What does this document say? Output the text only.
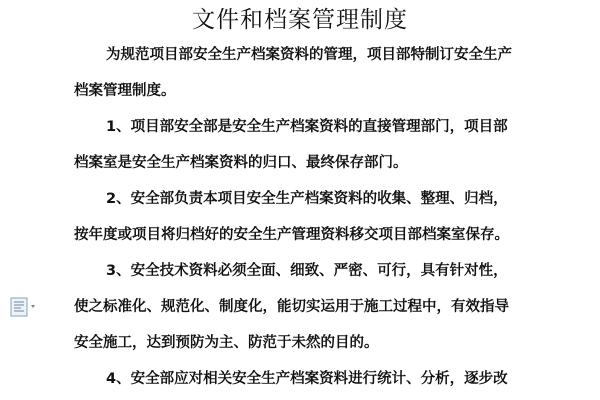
文件和档案管理制度
为规范项目部安全生产档案资料的管理，项目部特制订安全生产
档案管理制度。
1、项目部安全部是安全生产档案资料的直接管理部门，项目部
档案室是安全生产档案资料的归口、最终保存部门。
2、安全部负责本项目安全生产档案资料的收集、整理、归档，
按年度或项目将归档好的安全生产管理资料移交项目部档案室保存。
3、安全技术资料必须全面、细致、严密、可行，具有针对性，
使之标准化、规范化、制度化，能切实运用于施工过程中，有效指导
安全施工，达到预防为主、防范于未然的目的。
4、安全部应对相关安全生产档案资料进行统计、分析，逐步改
